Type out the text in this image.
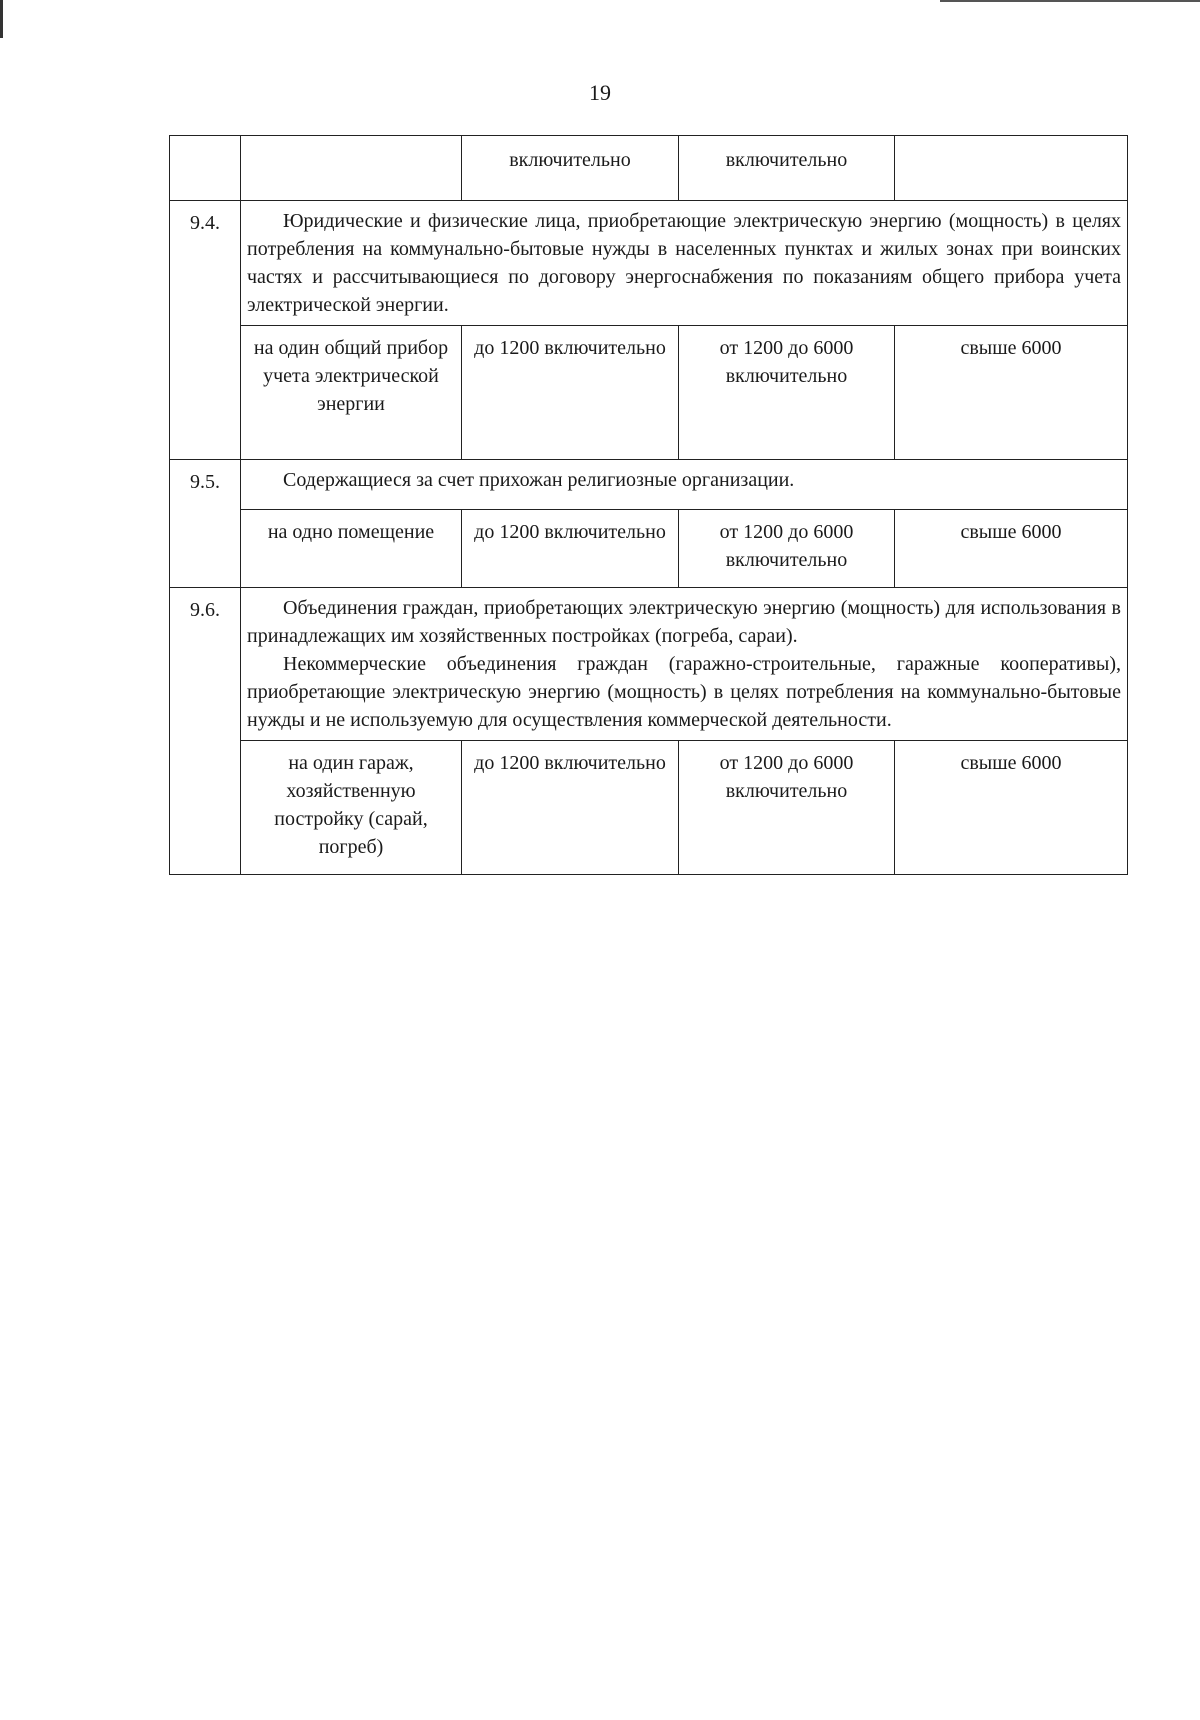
19
		включительно	включительно	
9.4.	Юридические и физические лица, приобретающие электрическую энергию (мощность) в целях потребления на коммунально-бытовые нужды в населенных пунктах и жилых зонах при воинских частях и рассчитывающиеся по договору энергоснабжения по показаниям общего прибора учета электрической энергии.			

	на один общий прибор учета электрической энергии	до 1200 включительно	от 1200 до 6000 включительно	свыше 6000
9.5.	Содержащиеся за счет прихожан религиозные организации.			

	на одно помещение	до 1200 включительно	от 1200 до 6000 включительно	свыше 6000
9.6.	Объединения граждан, приобретающих электрическую энергию (мощность) для использования в принадлежащих им хозяйственных постройках (погреба, сараи).
Некоммерческие объединения граждан (гаражно-строительные, гаражные кооперативы), приобретающие электрическую энергию (мощность) в целях потребления на коммунально-бытовые нужды и не используемую для осуществления коммерческой деятельности.			

	на один гараж, хозяйственную постройку (сарай, погреб)	до 1200 включительно	от 1200 до 6000 включительно	свыше 6000
